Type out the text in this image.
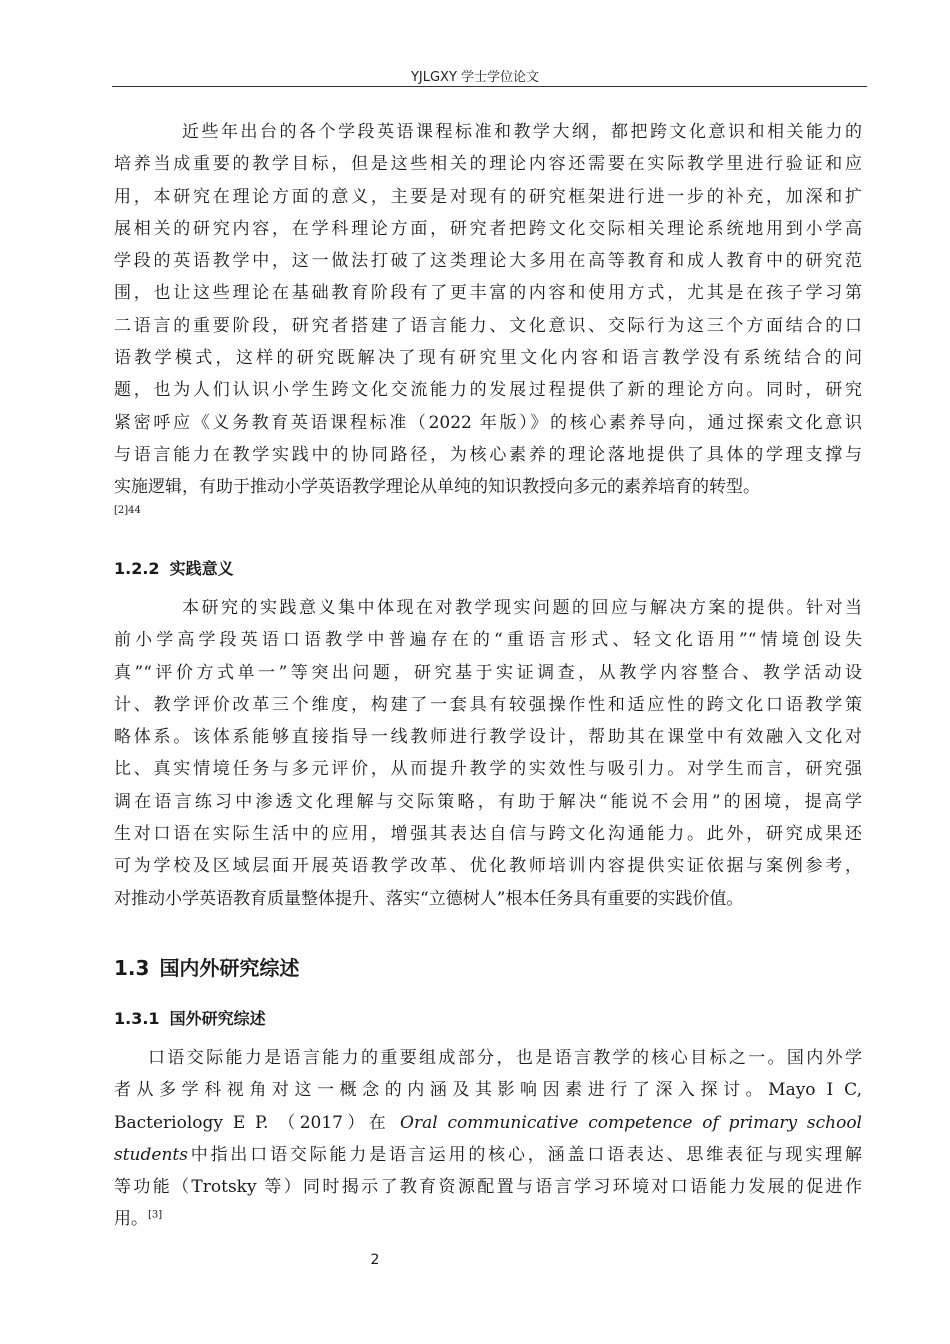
YJLGXY 学士学位论文
近些年出台的各个学段英语课程标准和教学大纲，都把跨文化意识和相关能力的
培养当成重要的教学目标，但是这些相关的理论内容还需要在实际教学里进行验证和应
用，本研究在理论方面的意义，主要是对现有的研究框架进行进一步的补充，加深和扩
展相关的研究内容，在学科理论方面，研究者把跨文化交际相关理论系统地用到小学高
学段的英语教学中，这一做法打破了这类理论大多用在高等教育和成人教育中的研究范
围，也让这些理论在基础教育阶段有了更丰富的内容和使用方式，尤其是在孩子学习第
二语言的重要阶段，研究者搭建了语言能力、文化意识、交际行为这三个方面结合的口
语教学模式，这样的研究既解决了现有研究里文化内容和语言教学没有系统结合的问
题，也为人们认识小学生跨文化交流能力的发展过程提供了新的理论方向。同时，研究
紧密呼应《义务教育英语课程标准（2022 年版）》的核心素养导向，通过探索文化意识
与语言能力在教学实践中的协同路径，为核心素养的理论落地提供了具体的学理支撑与
实施逻辑，有助于推动小学英语教学理论从单纯的知识教授向多元的素养培育的转型。
[2]44
1.2.2 实践意义
本研究的实践意义集中体现在对教学现实问题的回应与解决方案的提供。针对当
前小学高学段英语口语教学中普遍存在的“重语言形式、轻文化语用”“情境创设失
真”“评价方式单一”等突出问题，研究基于实证调查，从教学内容整合、教学活动设
计、教学评价改革三个维度，构建了一套具有较强操作性和适应性的跨文化口语教学策
略体系。该体系能够直接指导一线教师进行教学设计，帮助其在课堂中有效融入文化对
比、真实情境任务与多元评价，从而提升教学的实效性与吸引力。对学生而言，研究强
调在语言练习中渗透文化理解与交际策略，有助于解决“能说不会用”的困境，提高学
生对口语在实际生活中的应用，增强其表达自信与跨文化沟通能力。此外，研究成果还
可为学校及区域层面开展英语教学改革、优化教师培训内容提供实证依据与案例参考，
对推动小学英语教育质量整体提升、落实“立德树人”根本任务具有重要的实践价值。
1.3 国内外研究综述
1.3.1 国外研究综述
口语交际能力是语言能力的重要组成部分，也是语言教学的核心目标之一。国内外学
者从多学科视角对这一概念的内涵及其影响因素进行了深入探讨。Mayo I C,
Bacteriology E P. （2017）在 Oral communicative competence of primary school
students中指出口语交际能力是语言运用的核心，涵盖口语表达、思维表征与现实理解
等功能（Trotsky 等）同时揭示了教育资源配置与语言学习环境对口语能力发展的促进作
用。[3]
2
